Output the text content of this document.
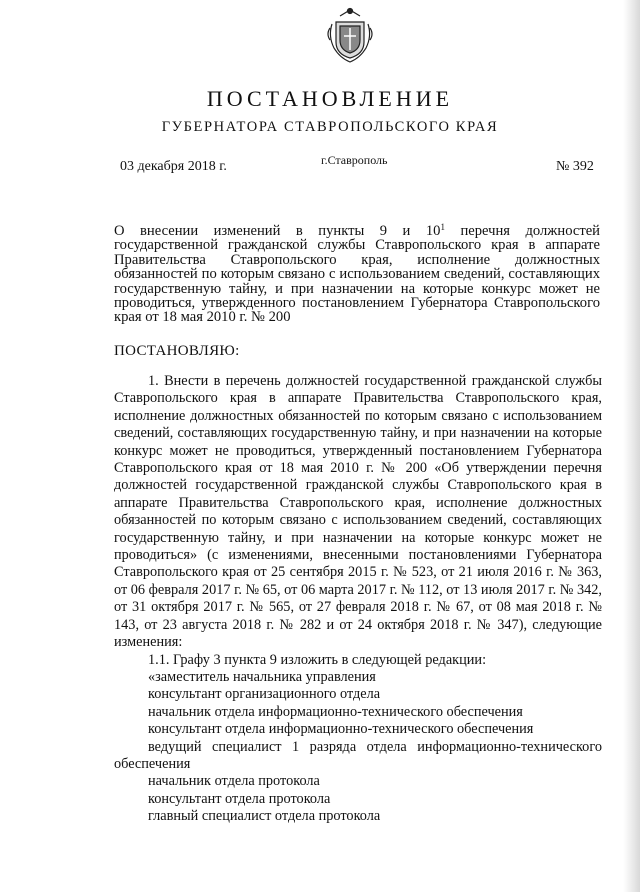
ПОСТАНОВЛЕНИЕ
ГУБЕРНАТОРА СТАВРОПОЛЬСКОГО КРАЯ
03 декабря 2018 г.	г.Ставрополь	№ 392
О внесении изменений в пункты 9 и $10^1$ перечня должностей государственной гражданской службы Ставропольского края в аппарате Правительства Ставропольского края, исполнение должностных обязанностей по которым связано с использованием сведений, составляющих государственную тайну, и при назначении на которые конкурс может не проводиться, утвержденного постановлением Губернатора Ставропольского края от 18 мая 2010 г. № 200
ПОСТАНОВЛЯЮ:

1. Внести в перечень должностей государственной гражданской службы Ставропольского края в аппарате Правительства Ставропольского края, исполнение должностных обязанностей по которым связано с использованием сведений, составляющих государственную тайну, и при назначении на которые конкурс может не проводиться, утвержденный постановлением Губернатора Ставропольского края от 18 мая 2010 г. № 200 «Об утверждении перечня должностей государственной гражданской службы Ставропольского края в аппарате Правительства Ставропольского края, исполнение должностных обязанностей по которым связано с использованием сведений, составляющих государственную тайну, и при назначении на которые конкурс может не проводиться» (с изменениями, внесенными постановлениями Губернатора Ставропольского края от 25 сентября 2015 г. № 523, от 21 июля 2016 г. № 363, от 06 февраля 2017 г. № 65, от 06 марта 2017 г. № 112, от 13 июля 2017 г. № 342, от 31 октября 2017 г. № 565, от 27 февраля 2018 г. № 67, от 08 мая 2018 г. № 143, от 23 августа 2018 г. № 282 и от 24 октября 2018 г. № 347), следующие изменения:

1.1. Графу 3 пункта 9 изложить в следующей редакции:

«заместитель начальника управления

консультант организационного отдела

начальник отдела информационно-технического обеспечения

консультант отдела информационно-технического обеспечения

ведущий специалист 1 разряда отдела информационно-технического обеспечения

начальник отдела протокола

консультант отдела протокола

главный специалист отдела протокола
